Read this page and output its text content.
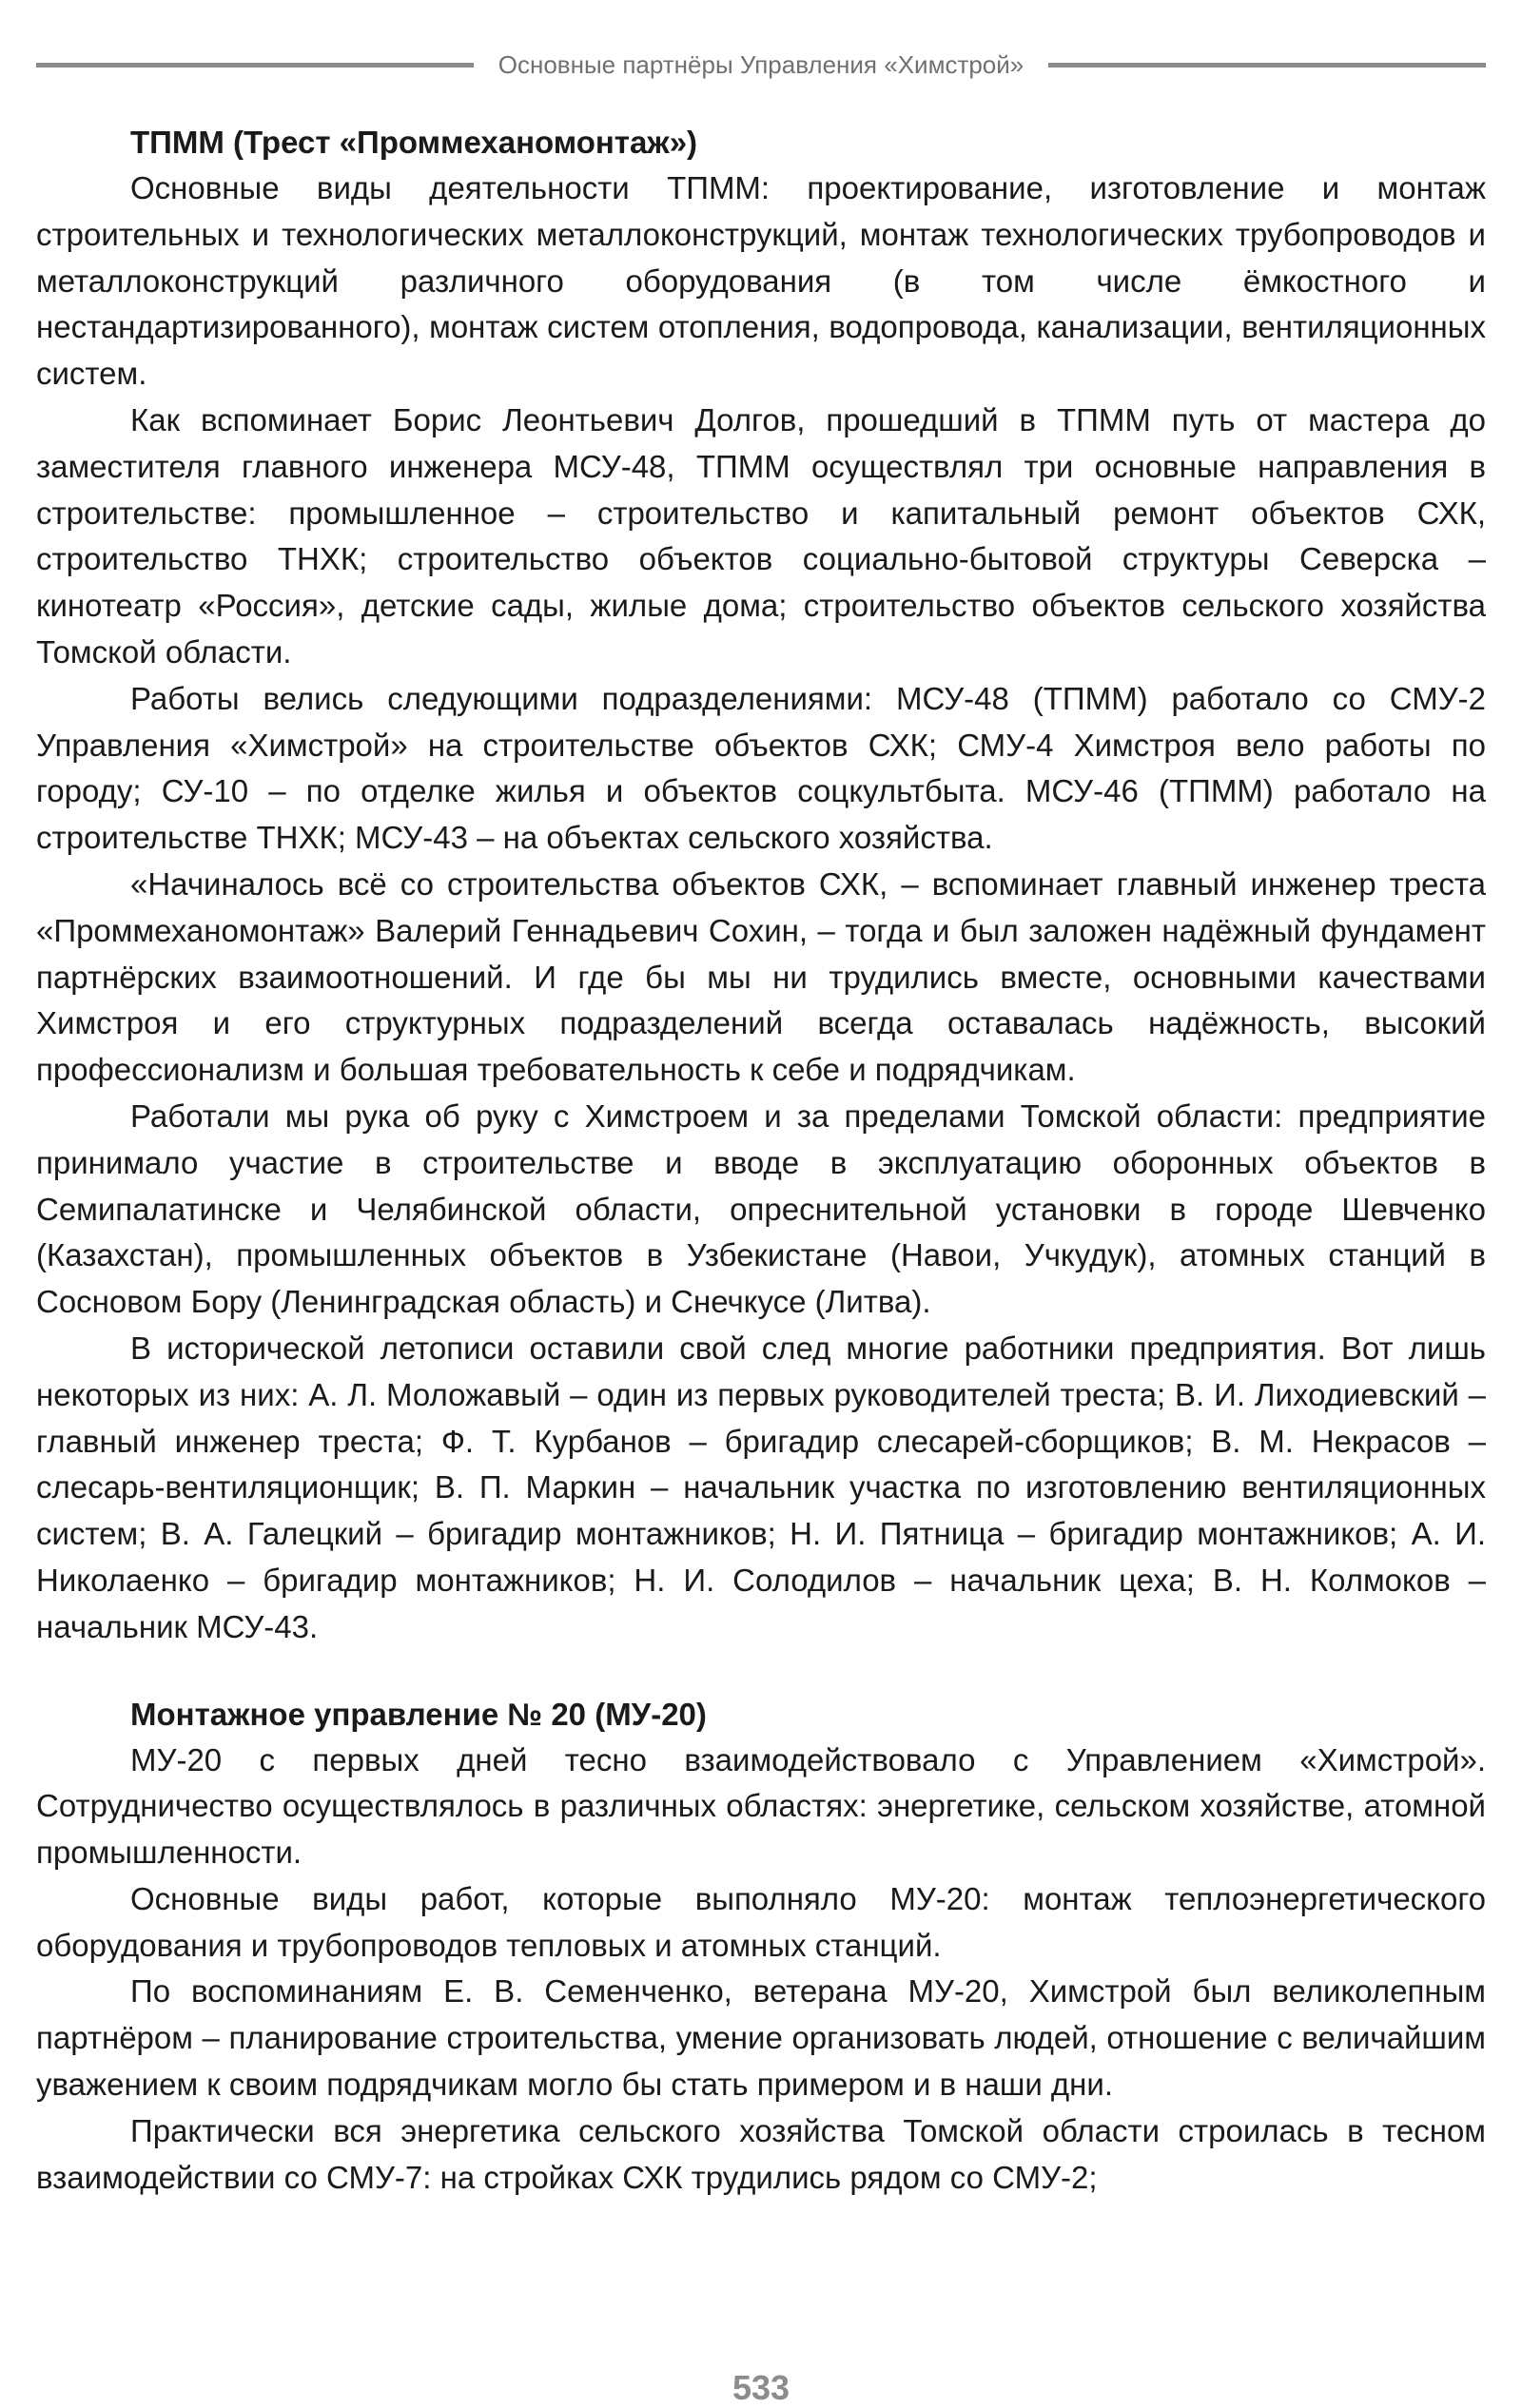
Основные партнёры Управления «Химстрой»
ТПММ (Трест «Проммеханомонтаж»)

Основные виды деятельности ТПММ: проектирование, изготовление и монтаж строительных и технологических металлоконструкций, монтаж технологических трубопроводов и металлоконструкций различного оборудования (в том числе ёмкостного и нестандартизированного), монтаж систем отопления, водопровода, канализации, вентиляционных систем.

Как вспоминает Борис Леонтьевич Долгов, прошедший в ТПММ путь от мастера до заместителя главного инженера МСУ-48, ТПММ осуществлял три основные направления в строительстве: промышленное – строительство и капитальный ремонт объектов СХК, строительство ТНХК; строительство объектов социально-бытовой структуры Северска – кинотеатр «Россия», детские сады, жилые дома; строительство объектов сельского хозяйства Томской области.

Работы велись следующими подразделениями: МСУ-48 (ТПММ) работало со СМУ-2 Управления «Химстрой» на строительстве объектов СХК; СМУ-4 Химстроя вело работы по городу; СУ-10 – по отделке жилья и объектов соцкультбыта. МСУ-46 (ТПММ) работало на строительстве ТНХК; МСУ-43 – на объектах сельского хозяйства.

«Начиналось всё со строительства объектов СХК, – вспоминает главный инженер треста «Проммеханомонтаж» Валерий Геннадьевич Сохин, – тогда и был заложен надёжный фундамент партнёрских взаимоотношений. И где бы мы ни трудились вместе, основными качествами Химстроя и его структурных подразделений всегда оставалась надёжность, высокий профессионализм и большая требовательность к себе и подрядчикам.

Работали мы рука об руку с Химстроем и за пределами Томской области: предприятие принимало участие в строительстве и вводе в эксплуатацию оборонных объектов в Семипалатинске и Челябинской области, опреснительной установки в городе Шевченко (Казахстан), промышленных объектов в Узбекистане (Навои, Учкудук), атомных станций в Сосновом Бору (Ленинградская область) и Снечкусе (Литва).

В исторической летописи оставили свой след многие работники предприятия. Вот лишь некоторых из них: А. Л. Моложавый – один из первых руководителей треста; В. И. Лиходиевский – главный инженер треста; Ф. Т. Курбанов – бригадир слесарей-сборщиков; В. М. Некрасов – слесарь-вентиляционщик; В. П. Маркин – начальник участка по изготовлению вентиляционных систем; В. А. Галецкий – бригадир монтажников; Н. И. Пятница – бригадир монтажников; А. И. Николаенко – бригадир монтажников; Н. И. Солодилов – начальник цеха; В. Н. Колмоков – начальник МСУ-43.

Монтажное управление № 20 (МУ-20)

МУ-20 с первых дней тесно взаимодействовало с Управлением «Химстрой». Сотрудничество осуществлялось в различных областях: энергетике, сельском хозяйстве, атомной промышленности.

Основные виды работ, которые выполняло МУ-20: монтаж теплоэнергетического оборудования и трубопроводов тепловых и атомных станций.

По воспоминаниям Е. В. Семенченко, ветерана МУ-20, Химстрой был великолепным партнёром – планирование строительства, умение организовать людей, отношение с величайшим уважением к своим подрядчикам могло бы стать примером и в наши дни.

Практически вся энергетика сельского хозяйства Томской области строилась в тесном взаимодействии со СМУ-7: на стройках СХК трудились рядом со СМУ-2;

533
